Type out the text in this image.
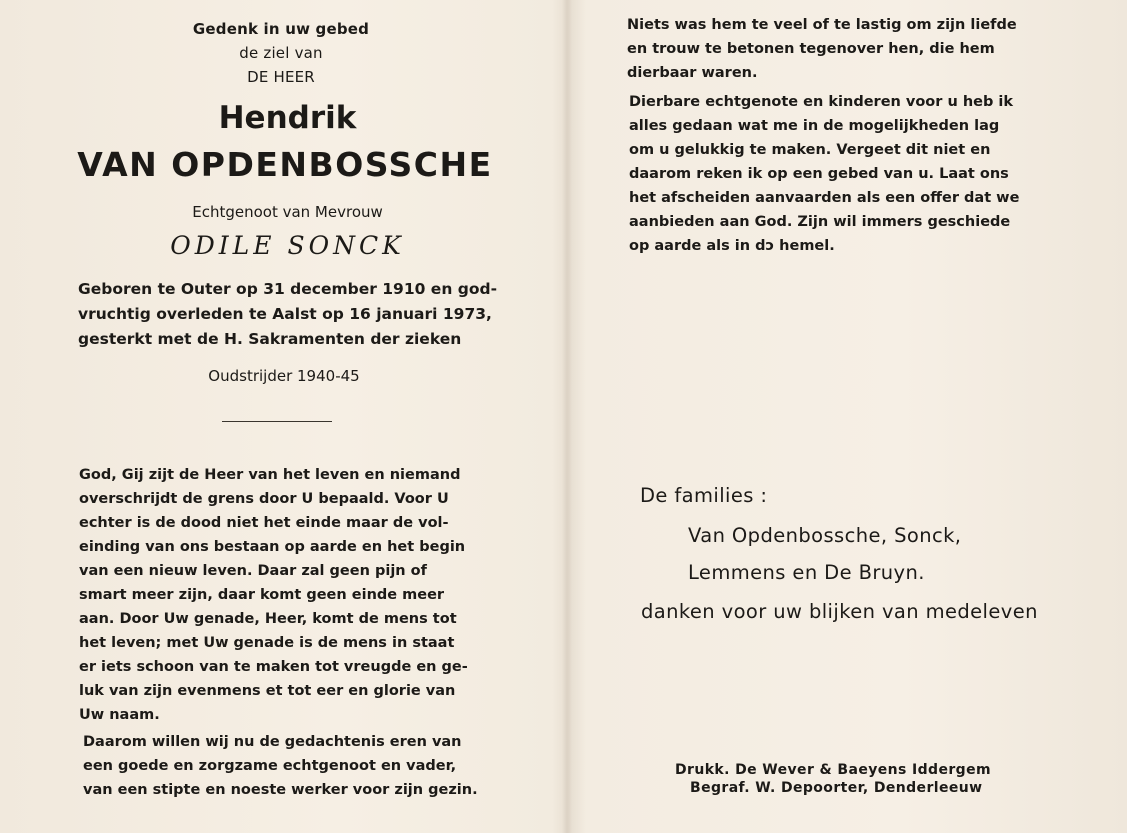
Gedenk in uw gebed
de ziel van
DE HEER
Hendrik
VAN OPDENBOSSCHE
Echtgenoot van Mevrouw
ODILE SONCK
Geboren te Outer op 31 december 1910 en god-
vruchtig overleden te Aalst op 16 januari 1973,
gesterkt met de H. Sakramenten der zieken
Oudstrijder 1940-45
God, Gij zijt de Heer van het leven en niemand
overschrijdt de grens door U bepaald. Voor U
echter is de dood niet het einde maar de vol-
einding van ons bestaan op aarde en het begin
van een nieuw leven. Daar zal geen pijn of
smart meer zijn, daar komt geen einde meer
aan. Door Uw genade, Heer, komt de mens tot
het leven; met Uw genade is de mens in staat
er iets schoon van te maken tot vreugde en ge-
luk van zijn evenmens et tot eer en glorie van
Uw naam.
Daarom willen wij nu de gedachtenis eren van
een goede en zorgzame echtgenoot en vader,
van een stipte en noeste werker voor zijn gezin.
Niets was hem te veel of te lastig om zijn liefde
en trouw te betonen tegenover hen, die hem
dierbaar waren.
Dierbare echtgenote en kinderen voor u heb ik
alles gedaan wat me in de mogelijkheden lag
om u gelukkig te maken. Vergeet dit niet en
daarom reken ik op een gebed van u. Laat ons
het afscheiden aanvaarden als een offer dat we
aanbieden aan God. Zijn wil immers geschiede
op aarde als in dɔ hemel.
De families :
Van Opdenbossche, Sonck,
Lemmens en De Bruyn.
danken voor uw blijken van medeleven
Drukk. De Wever & Baeyens Iddergem
Begraf. W. Depoorter, Denderleeuw
